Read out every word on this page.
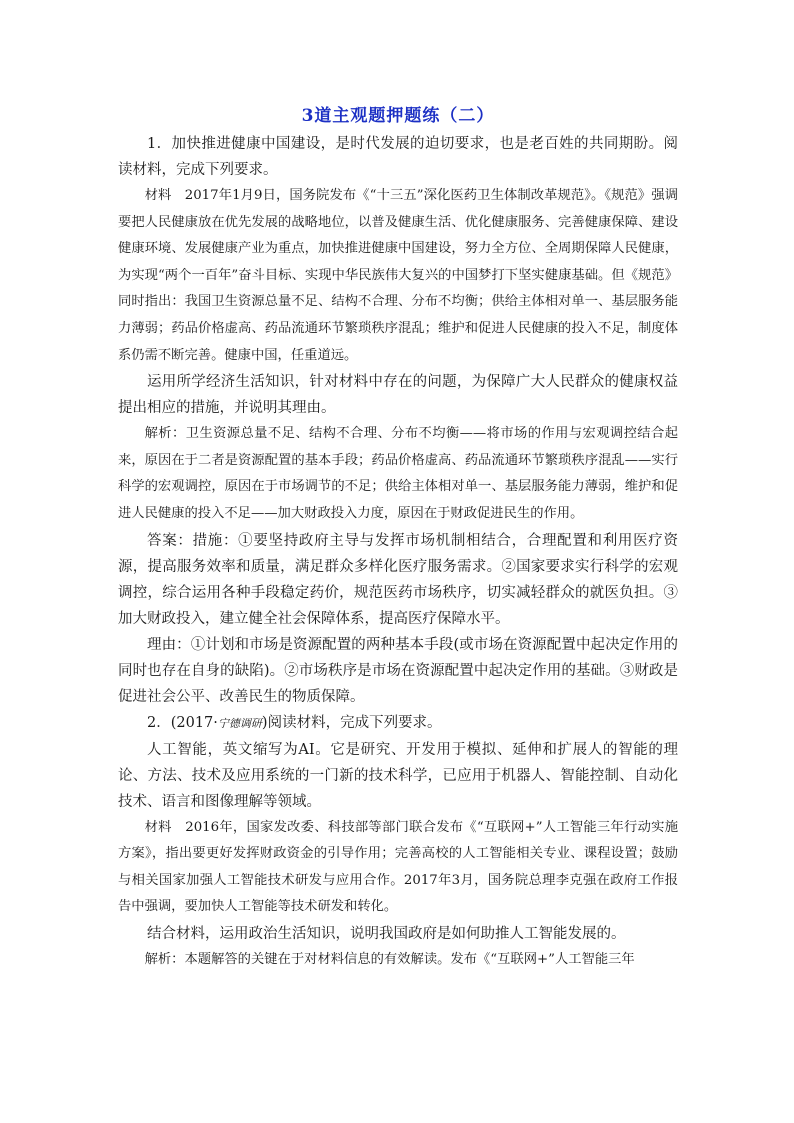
3道主观题押题练（二）

1．加快推进健康中国建设，是时代发展的迫切要求，也是老百姓的共同期盼。阅读材料，完成下列要求。

材料　 2017年1月9日，国务院发布《“十三五”深化医药卫生体制改革规范》。《规范》强调要把人民健康放在优先发展的战略地位，以普及健康生活、优化健康服务、完善健康保障、建设健康环境、发展健康产业为重点，加快推进健康中国建设，努力全方位、全周期保障人民健康，为实现“两个一百年”奋斗目标、实现中华民族伟大复兴的中国梦打下坚实健康基础。但《规范》同时指出：我国卫生资源总量不足、结构不合理、分布不均衡；供给主体相对单一、基层服务能力薄弱；药品价格虚高、药品流通环节繁琐秩序混乱；维护和促进人民健康的投入不足，制度体系仍需不断完善。健康中国，任重道远。

运用所学经济生活知识，针对材料中存在的问题，为保障广大人民群众的健康权益提出相应的措施，并说明其理由。

解析：卫生资源总量不足、结构不合理、分布不均衡——将市场的作用与宏观调控结合起来，原因在于二者是资源配置的基本手段；药品价格虚高、药品流通环节繁琐秩序混乱——实行科学的宏观调控，原因在于市场调节的不足；供给主体相对单一、基层服务能力薄弱，维护和促进人民健康的投入不足——加大财政投入力度，原因在于财政促进民生的作用。

答案：措施：①要坚持政府主导与发挥市场机制相结合，合理配置和利用医疗资源，提高服务效率和质量，满足群众多样化医疗服务需求。②国家要求实行科学的宏观调控，综合运用各种手段稳定药价，规范医药市场秩序，切实减轻群众的就医负担。③加大财政投入，建立健全社会保障体系，提高医疗保障水平。

理由：①计划和市场是资源配置的两种基本手段(或市场在资源配置中起决定作用的同时也存在自身的缺陷)。②市场秩序是市场在资源配置中起决定作用的基础。③财政是促进社会公平、改善民生的物质保障。

2．(2017·宁德调研)阅读材料，完成下列要求。

人工智能，英文缩写为AI。它是研究、开发用于模拟、延伸和扩展人的智能的理论、方法、技术及应用系统的一门新的技术科学，已应用于机器人、智能控制、自动化技术、语言和图像理解等领域。

材料　 2016年，国家发改委、科技部等部门联合发布《“互联网+”人工智能三年行动实施方案》，指出要更好发挥财政资金的引导作用；完善高校的人工智能相关专业、课程设置；鼓励与相关国家加强人工智能技术研发与应用合作。2017年3月，国务院总理李克强在政府工作报告中强调，要加快人工智能等技术研发和转化。

结合材料，运用政治生活知识，说明我国政府是如何助推人工智能发展的。

解析：本题解答的关键在于对材料信息的有效解读。发布《“互联网+”人工智能三年
